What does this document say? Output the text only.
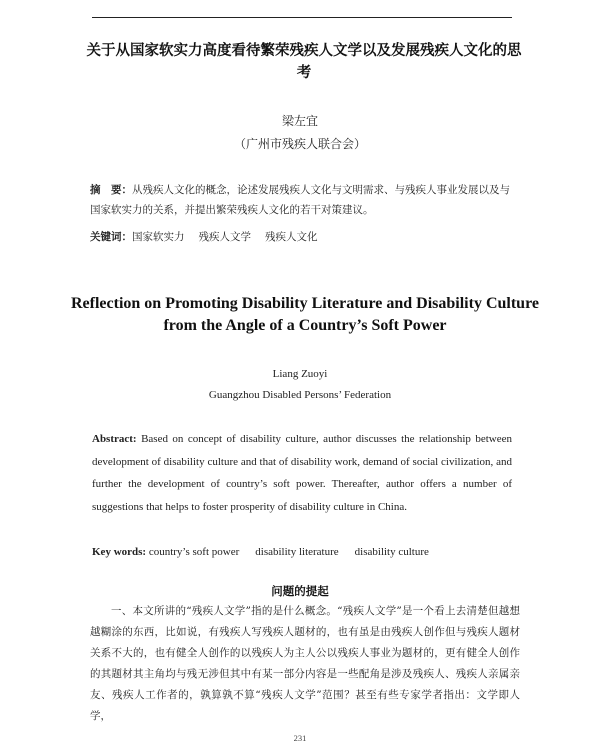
关于从国家软实力高度看待繁荣残疾人文学以及发展残疾人文化的思考
梁左宜
（广州市残疾人联合会）
摘　要：从残疾人文化的概念，论述发展残疾人文化与文明需求、与残疾人事业发展以及与国家软实力的关系，并提出繁荣残疾人文化的若干对策建议。
关键词：国家软实力 残疾人文学 残疾人文化
Reflection on Promoting Disability Literature and Disability Culture from the Angle of a Country’s Soft Power
Liang Zuoyi
Guangzhou Disabled Persons’ Federation
Abstract: Based on concept of disability culture, author discusses the relationship between development of disability culture and that of disability work, demand of social civilization, and further the development of country’s soft power. Thereafter, author offers a number of suggestions that helps to foster prosperity of disability culture in China.
Key words: country’s soft power disability literature disability culture
问题的提起
一、本文所讲的“残疾人文学”指的是什么概念。“残疾人文学”是一个看上去清楚但越想越糊涂的东西，比如说，有残疾人写残疾人题材的，也有虽是由残疾人创作但与残疾人题材关系不大的，也有健全人创作的以残疾人为主人公以残疾人事业为题材的，更有健全人创作的其题材其主角均与残无涉但其中有某一部分内容是一些配角是涉及残疾人、残疾人亲属亲友、残疾人工作者的，孰算孰不算“残疾人文学”范围？甚至有些专家学者指出：文学即人学，
231
